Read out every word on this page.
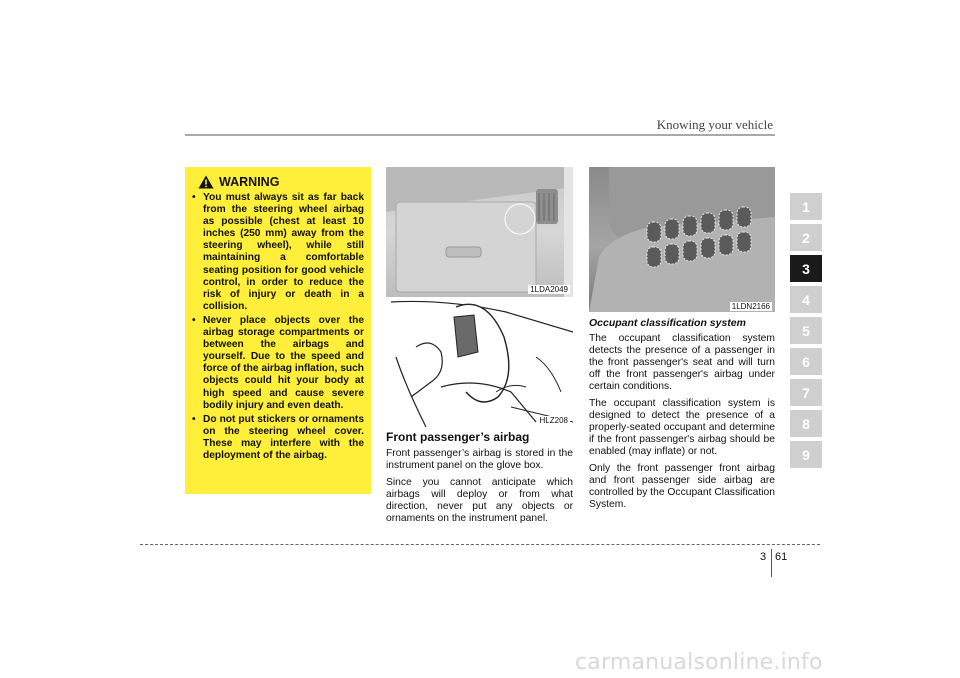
Knowing your vehicle
WARNING
• You must always sit as far back from the steering wheel airbag as possible (chest at least 10 inches (250 mm) away from the steering wheel), while still maintaining a comfortable seating position for good vehicle control, in order to reduce the risk of injury or death in a collision.
• Never place objects over the airbag storage compartments or between the airbags and yourself. Due to the speed and force of the airbag inflation, such objects could hit your body at high speed and cause severe bodily injury and even death.
• Do not put stickers or ornaments on the steering wheel cover. These may interfere with the deployment of the airbag.
1LDA2049
HLZ208
Front passenger’s airbag

Front passenger’s airbag is stored in the instrument panel on the glove box.

Since you cannot anticipate which airbags will deploy or from what direction, never put any objects or ornaments on the instrument panel.

1LDN2166
Occupant classification system

The occupant classification system detects the presence of a passenger in the front passenger's seat and will turn off the front passenger's airbag under certain conditions.

The occupant classification system is designed to detect the presence of a properly-seated occupant and determine if the front passenger's airbag should be enabled (may inflate) or not.

Only the front passenger front airbag and front passenger side airbag are controlled by the Occupant Classification System.

1
2
3
4
5
6
7
8
9
3 61
carmanualsonline.info
